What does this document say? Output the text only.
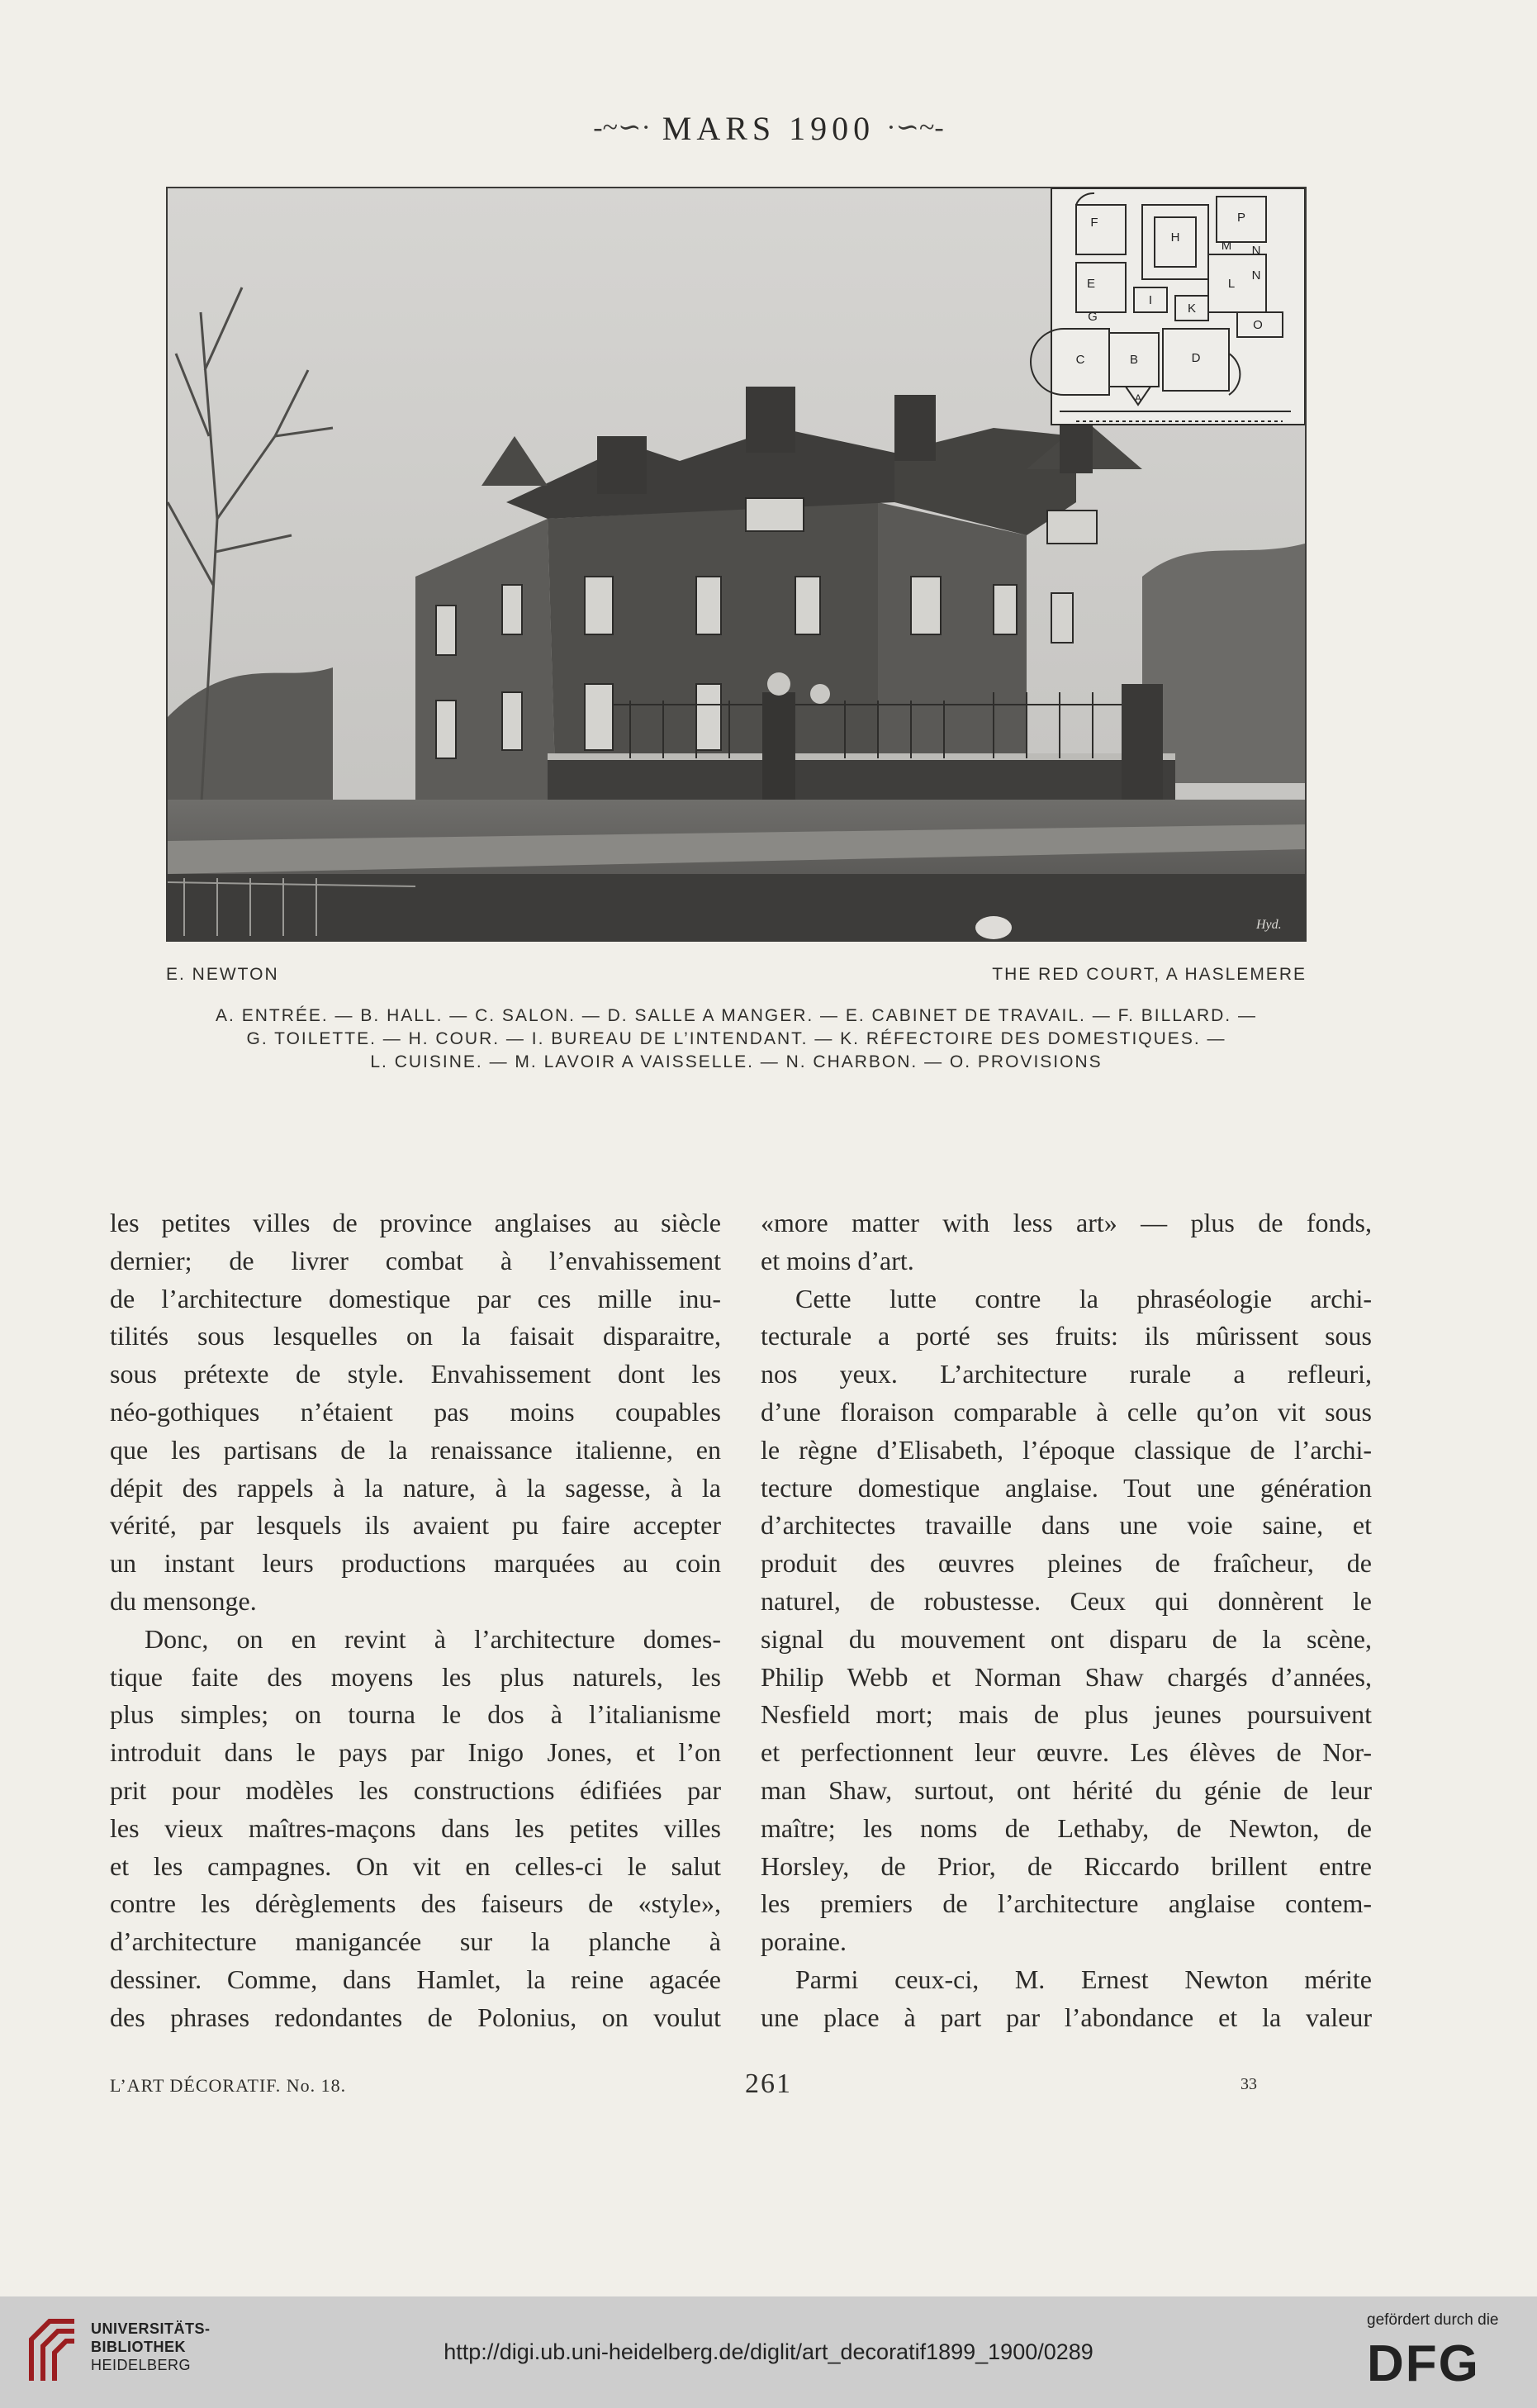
-~∽· MARS 1900 ·∽~-
Hyd.
F
H
P
E
M N
L
N
G
I
K
O
C	B	D
A
E. NEWTON	THE RED COURT, A HASLEMERE
A. ENTRÉE. — B. HALL. — C. SALON. — D. SALLE A MANGER. — E. CABINET DE TRAVAIL. — F. BILLARD. —
G. TOILETTE. — H. COUR. — I. BUREAU DE L’INTENDANT. — K. RÉFECTOIRE DES DOMESTIQUES. —
L. CUISINE. — M. LAVOIR A VAISSELLE. — N. CHARBON. — O. PROVISIONS
les petites villes de province anglaises au siècle
dernier; de livrer combat à l’envahissement
de l’architecture domestique par ces mille inu-
tilités sous lesquelles on la faisait disparaitre,
sous prétexte de style. Envahissement dont les
néo-gothiques n’étaient pas moins coupables
que les partisans de la renaissance italienne, en
dépit des rappels à la nature, à la sagesse, à la
vérité, par lesquels ils avaient pu faire accepter
un instant leurs productions marquées au coin
du mensonge.
Donc, on en revint à l’architecture domes-
tique faite des moyens les plus naturels, les
plus simples; on tourna le dos à l’italianisme
introduit dans le pays par Inigo Jones, et l’on
prit pour modèles les constructions édifiées par
les vieux maîtres-maçons dans les petites villes
et les campagnes. On vit en celles-ci le salut
contre les dérèglements des faiseurs de «style»,
d’architecture manigancée sur la planche à
dessiner. Comme, dans Hamlet, la reine agacée
des phrases redondantes de Polonius, on voulut
«more matter with less art» — plus de fonds,
et moins d’art.
Cette lutte contre la phraséologie archi-
tecturale a porté ses fruits: ils mûrissent sous
nos yeux. L’architecture rurale a refleuri,
d’une floraison comparable à celle qu’on vit sous
le règne d’Elisabeth, l’époque classique de l’archi-
tecture domestique anglaise. Tout une génération
d’architectes travaille dans une voie saine, et
produit des œuvres pleines de fraîcheur, de
naturel, de robustesse. Ceux qui donnèrent le
signal du mouvement ont disparu de la scène,
Philip Webb et Norman Shaw chargés d’années,
Nesfield mort; mais de plus jeunes poursuivent
et perfectionnent leur œuvre. Les élèves de Nor-
man Shaw, surtout, ont hérité du génie de leur
maître; les noms de Lethaby, de Newton, de
Horsley, de Prior, de Riccardo brillent entre
les premiers de l’architecture anglaise contem-
poraine.
Parmi ceux-ci, M. Ernest Newton mérite
une place à part par l’abondance et la valeur
L’ART DÉCORATIF. No. 18.	261	33
UNIVERSITÄTS-
BIBLIOTHEK
HEIDELBERG
http://digi.ub.uni-heidelberg.de/diglit/art_decoratif1899_1900/0289
gefördert durch die
DFG
